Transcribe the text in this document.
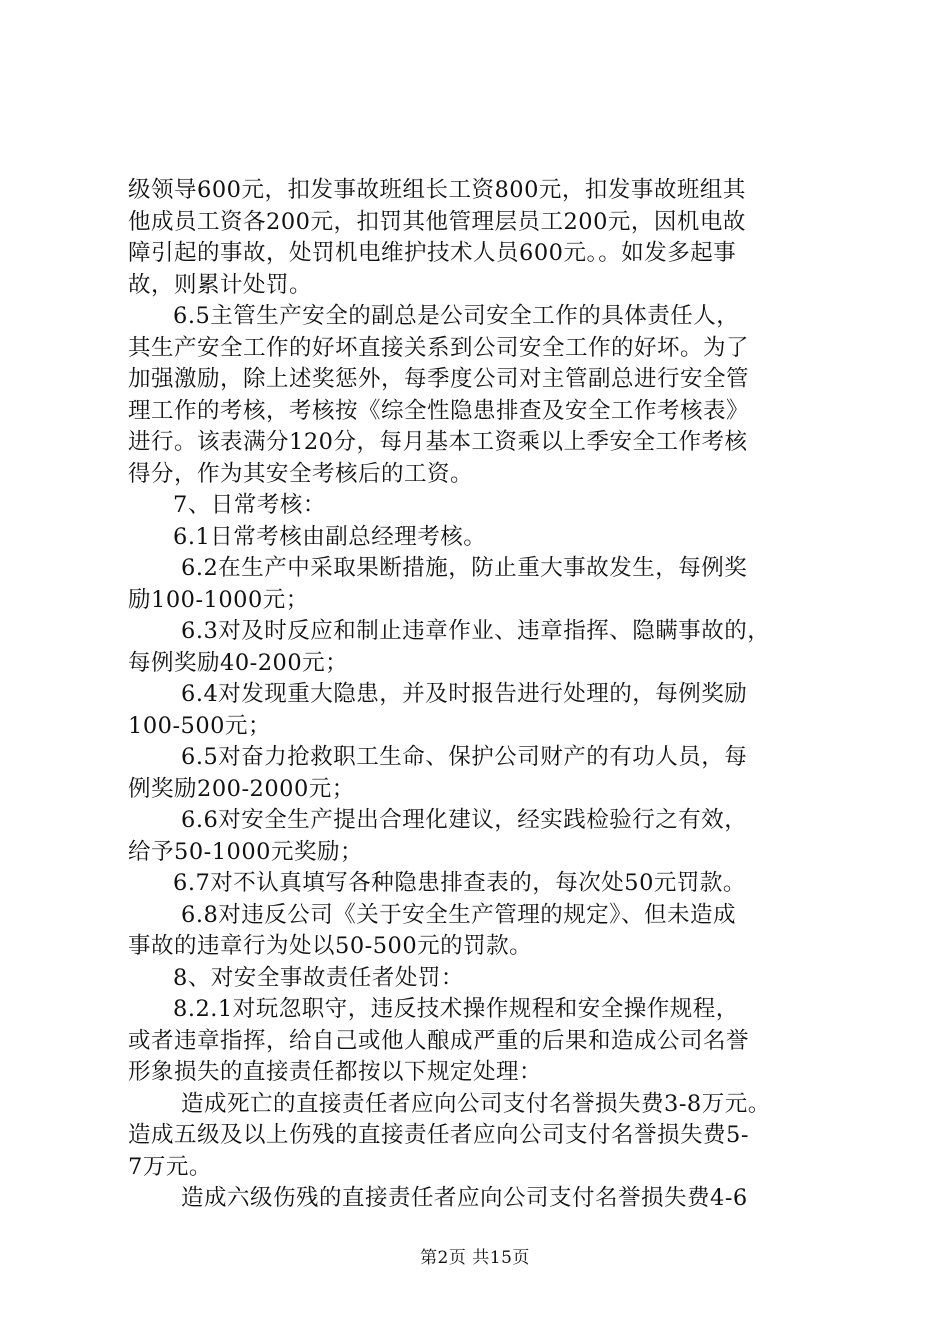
级领导600元，扣发事故班组长工资800元，扣发事故班组其
他成员工资各200元，扣罚其他管理层员工200元，因机电故
障引起的事故，处罚机电维护技术人员600元。。如发多起事
故，则累计处罚。
6.5主管生产安全的副总是公司安全工作的具体责任人，
其生产安全工作的好坏直接关系到公司安全工作的好坏。为了
加强激励，除上述奖惩外，每季度公司对主管副总进行安全管
理工作的考核，考核按《综全性隐患排查及安全工作考核表》
进行。该表满分120分，每月基本工资乘以上季安全工作考核
得分，作为其安全考核后的工资。
7、日常考核：
6.1日常考核由副总经理考核。
6.2在生产中采取果断措施，防止重大事故发生，每例奖
励100-1000元；
6.3对及时反应和制止违章作业、违章指挥、隐瞒事故的，
每例奖励40-200元；
6.4对发现重大隐患，并及时报告进行处理的，每例奖励
100-500元；
6.5对奋力抢救职工生命、保护公司财产的有功人员，每
例奖励200-2000元；
6.6对安全生产提出合理化建议，经实践检验行之有效，
给予50-1000元奖励；
6.7对不认真填写各种隐患排查表的，每次处50元罚款。
6.8对违反公司《关于安全生产管理的规定》、但未造成
事故的违章行为处以50-500元的罚款。
8、对安全事故责任者处罚：
8.2.1对玩忽职守，违反技术操作规程和安全操作规程，
或者违章指挥，给自己或他人酿成严重的后果和造成公司名誉
形象损失的直接责任都按以下规定处理：
造成死亡的直接责任者应向公司支付名誉损失费3-8万元。
造成五级及以上伤残的直接责任者应向公司支付名誉损失费5-
7万元。
造成六级伤残的直接责任者应向公司支付名誉损失费4-6
第2页 共15页
